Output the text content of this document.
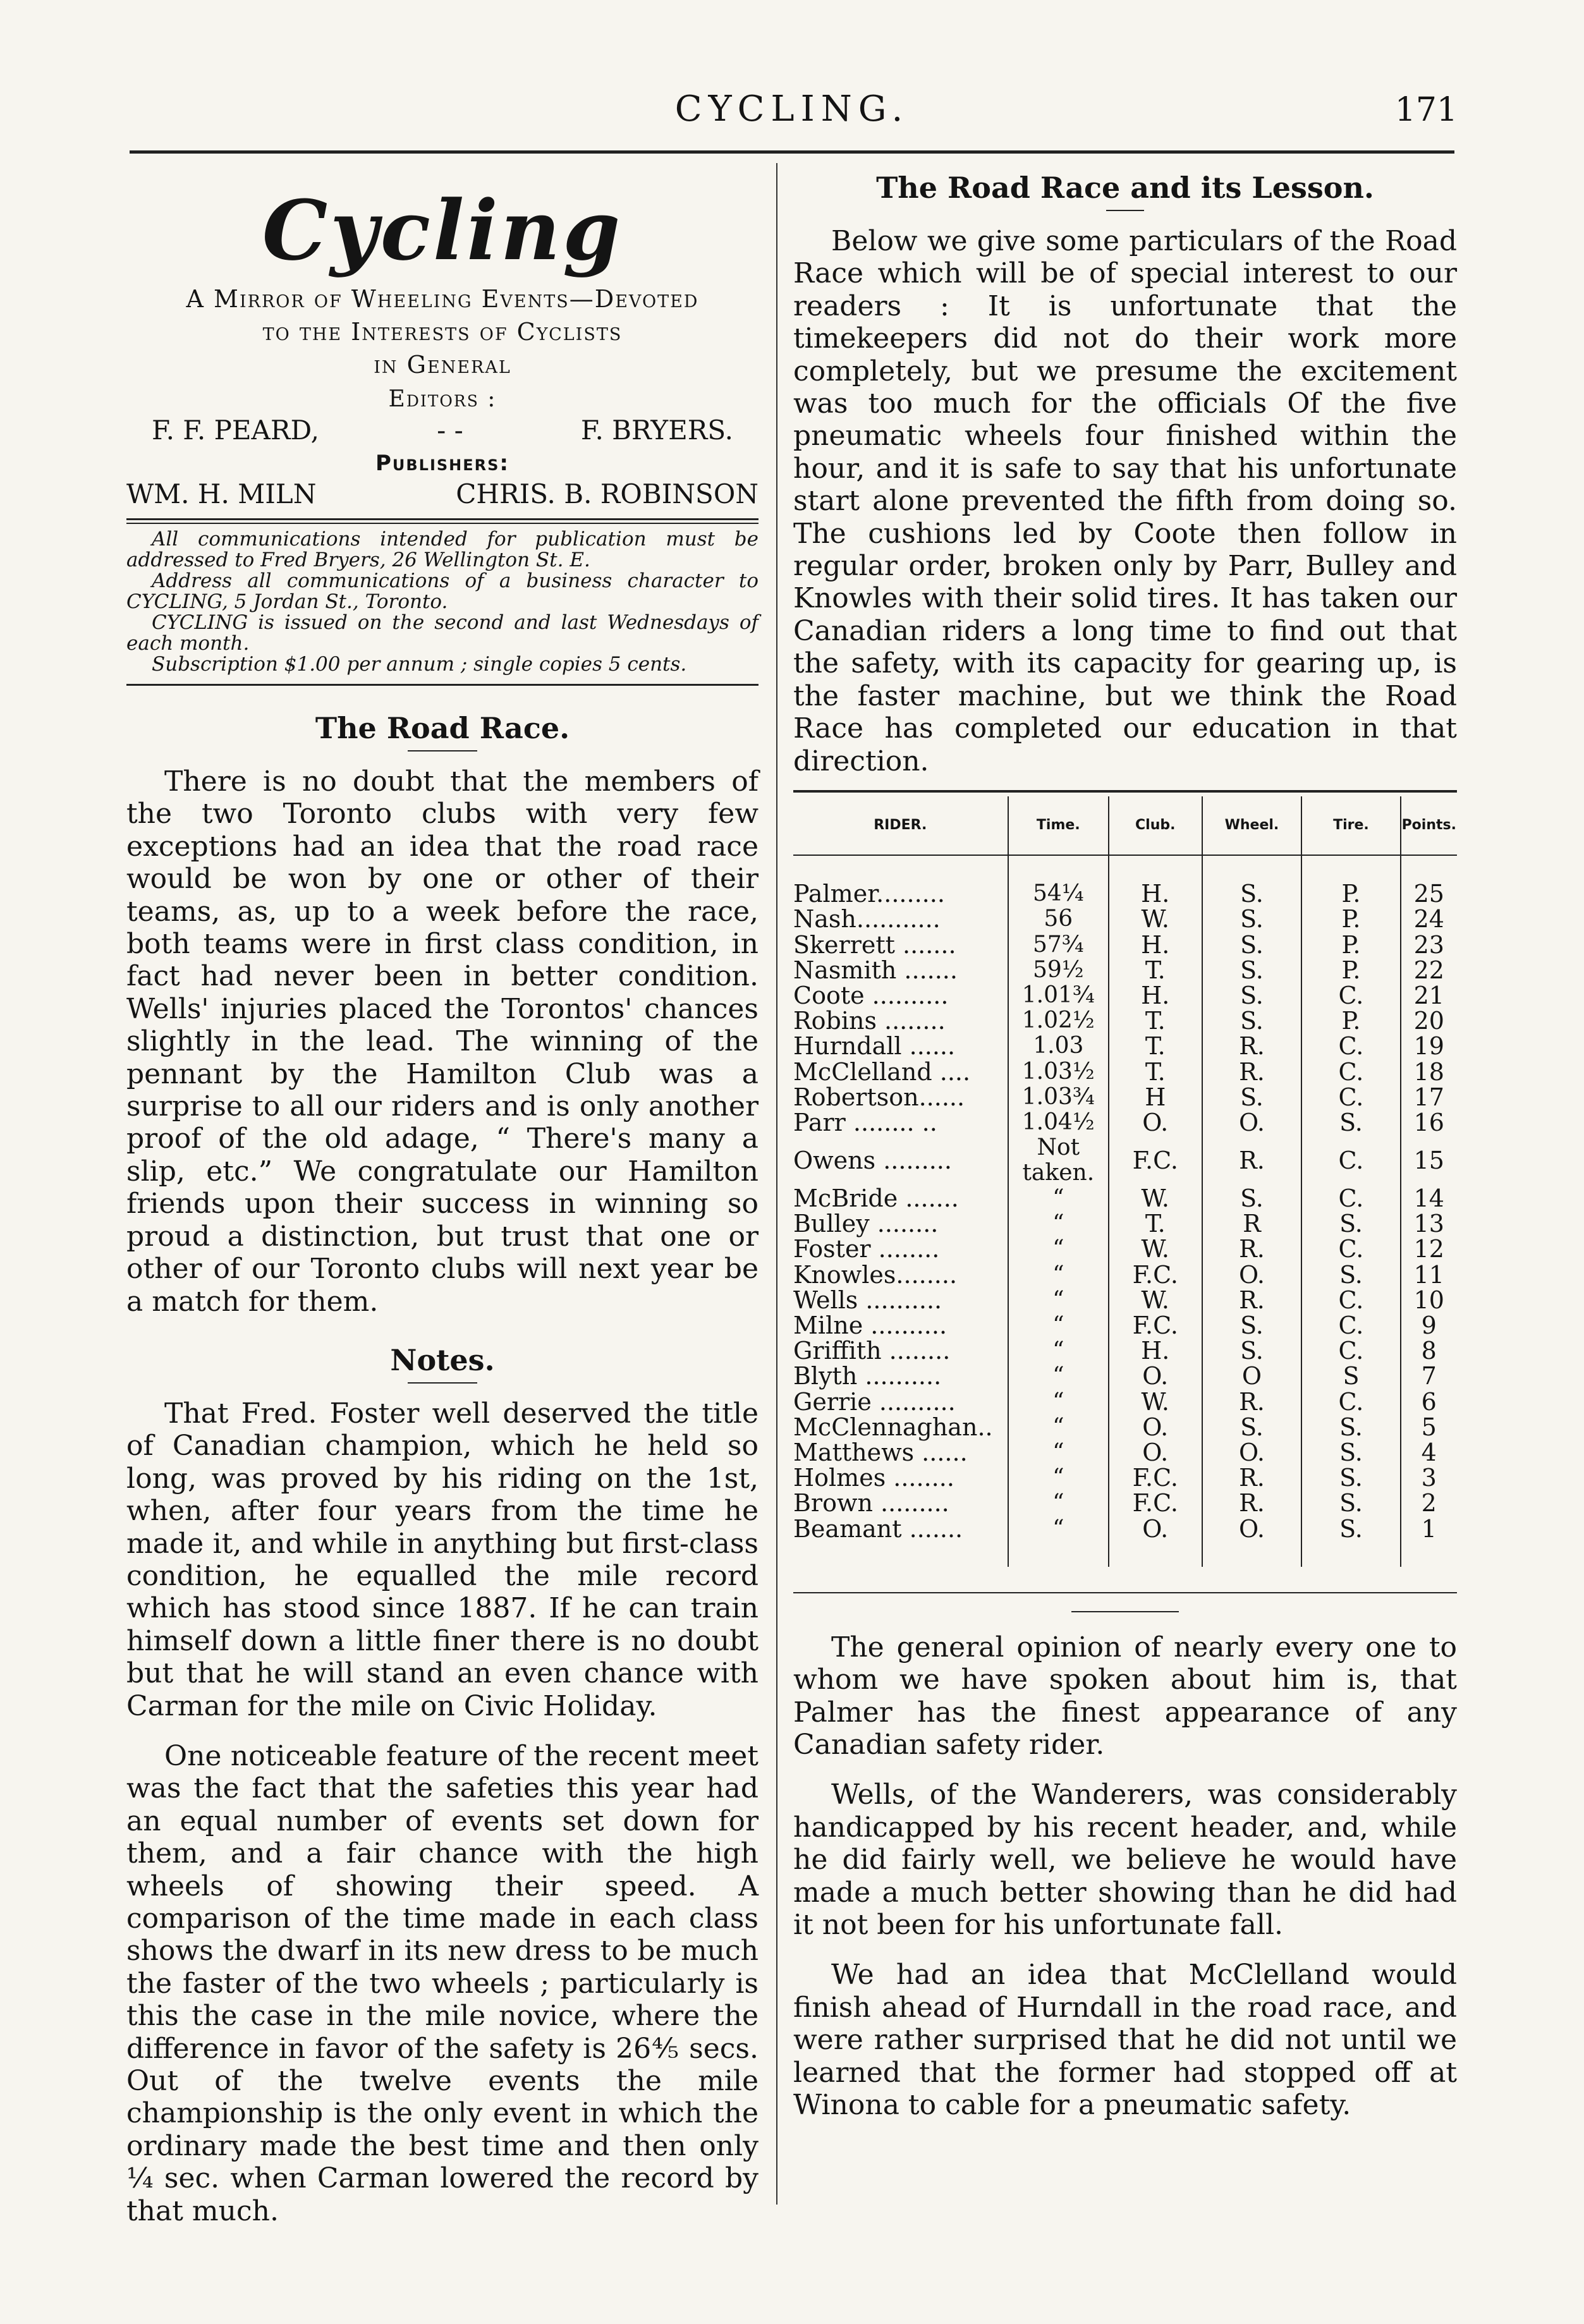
CYCLING.	171
Cycling
A Mirror of Wheeling Events—Devoted
to the Interests of Cyclists
in General
Editors :
F. F. PEARD,	- -	F. BRYERS.
Publishers:
WM. H. MILN	CHRIS. B. ROBINSON

All communications intended for publication must be addressed to Fred Bryers, 26 Wellington St. E.

Address all communications of a business character to CYCLING, 5 Jordan St., Toronto.

CYCLING is issued on the second and last Wednesdays of each month.

Subscription $1.00 per annum ; single copies 5 cents.

The Road Race.

There is no doubt that the members of the two Toronto clubs with very few exceptions had an idea that the road race would be won by one or other of their teams, as, up to a week before the race, both teams were in first class condition, in fact had never been in better condition. Wells' injuries placed the Torontos' chances slightly in the lead. The winning of the pennant by the Hamilton Club was a surprise to all our riders and is only another proof of the old adage, “ There's many a slip, etc.” We congratulate our Hamilton friends upon their success in winning so proud a distinction, but trust that one or other of our Toronto clubs will next year be a match for them.

Notes.

That Fred. Foster well deserved the title of Canadian champion, which he held so long, was proved by his riding on the 1st, when, after four years from the time he made it, and while in anything but first-class condition, he equalled the mile record which has stood since 1887. If he can train himself down a little finer there is no doubt but that he will stand an even chance with Carman for the mile on Civic Holiday.

One noticeable feature of the recent meet was the fact that the safeties this year had an equal number of events set down for them, and a fair chance with the high wheels of showing their speed. A comparison of the time made in each class shows the dwarf in its new dress to be much the faster of the two wheels ; particularly is this the case in the mile novice, where the difference in favor of the safety is 26⅘ secs. Out of the twelve events the mile championship is the only event in which the ordinary made the best time and then only ¼ sec. when Carman lowered the record by that much.

The Road Race and its Lesson.

Below we give some particulars of the Road Race which will be of special interest to our readers : It is unfortunate that the timekeepers did not do their work more completely, but we presume the excitement was too much for the officials Of the five pneumatic wheels four finished within the hour, and it is safe to say that his unfortunate start alone prevented the fifth from doing so. The cushions led by Coote then follow in regular order, broken only by Parr, Bulley and Knowles with their solid tires. It has taken our Canadian riders a long time to find out that the safety, with its capacity for gearing up, is the faster machine, but we think the Road Race has completed our education in that direction.

RIDER.	Time.	Club.	Wheel.	Tire.	Points.

Palmer.........	54¼	H.	S.	P.	25
Nash...........	56	W.	S.	P.	24
Skerrett .......	57¾	H.	S.	P.	23
Nasmith .......	59½	T.	S.	P.	22
Coote ..........	1.01¾	H.	S.	C.	21
Robins ........	1.02½	T.	S.	P.	20
Hurndall ......	1.03	T.	R.	C.	19
McClelland ....	1.03½	T.	R.	C.	18
Robertson......	1.03¾	H	S.	C.	17
Parr ........ ..	1.04½	O.	O.	S.	16
Owens .........	Not taken.	F.C.	R.	C.	15
McBride .......	“	W.	S.	C.	14
Bulley ........	“	T.	R	S.	13
Foster ........	“	W.	R.	C.	12
Knowles........	“	F.C.	O.	S.	11
Wells ..........	“	W.	R.	C.	10
Milne ..........	“	F.C.	S.	C.	9
Griffith ........	“	H.	S.	C.	8
Blyth ..........	“	O.	O	S	7
Gerrie ..........	“	W.	R.	C.	6
McClennaghan..	“	O.	S.	S.	5
Matthews ......	“	O.	O.	S.	4
Holmes ........	“	F.C.	R.	S.	3
Brown .........	“	F.C.	R.	S.	2
Beamant .......	“	O.	O.	S.	1

The general opinion of nearly every one to whom we have spoken about him is, that Palmer has the finest appearance of any Canadian safety rider.

Wells, of the Wanderers, was considerably handicapped by his recent header, and, while he did fairly well, we believe he would have made a much better showing than he did had it not been for his unfortunate fall.

We had an idea that McClelland would finish ahead of Hurndall in the road race, and were rather surprised that he did not until we learned that the former had stopped off at Winona to cable for a pneumatic safety.
